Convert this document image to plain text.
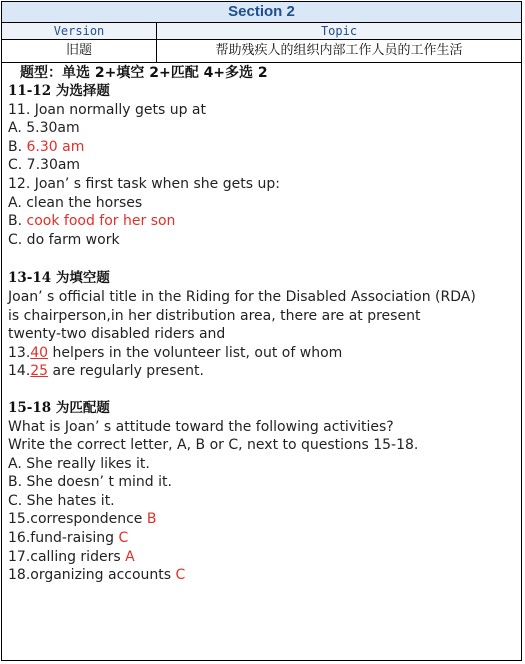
Section 2
Version	Topic
旧题	帮助残疾人的组织内部工作人员的工作生活
题型：单选 2+填空 2+匹配 4+多选 2
11-12 为选择题
11. Joan normally gets up at
A. 5.30am
B. 6.30 am
C. 7.30am
12. Joan’ s first task when she gets up:
A. clean the horses
B. cook food for her son
C. do farm work
13-14 为填空题
Joan’ s official title in the Riding for the Disabled Association (RDA)
is chairperson,in her distribution area, there are at present
twenty-two disabled riders and
13.40 helpers in the volunteer list, out of whom
14.25 are regularly present.
15-18 为匹配题
What is Joan’ s attitude toward the following activities?
Write the correct letter, A, B or C, next to questions 15-18.
A. She really likes it.
B. She doesn’ t mind it.
C. She hates it.
15.correspondence B
16.fund-raising C
17.calling riders A
18.organizing accounts C
